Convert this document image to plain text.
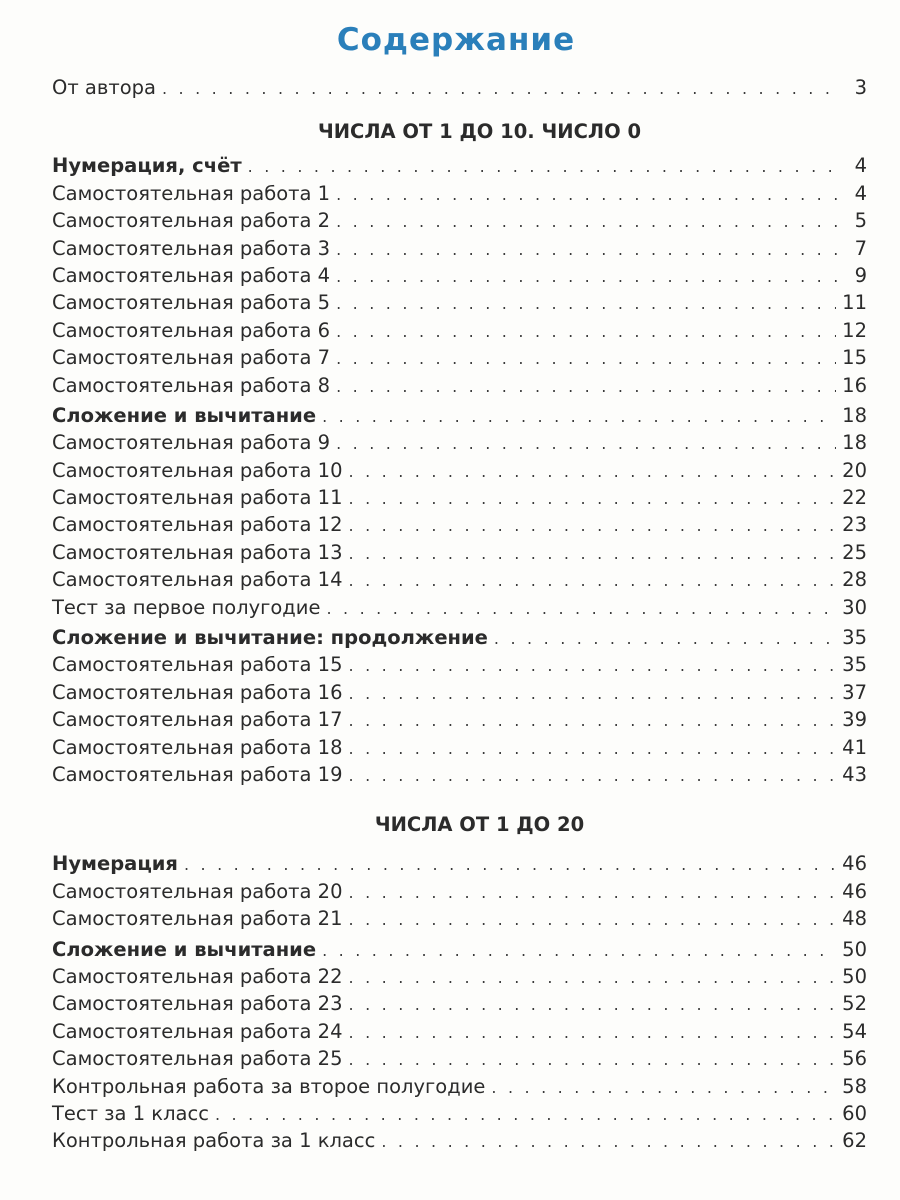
Содержание
От автора . . .	3
ЧИСЛА ОТ 1 ДО 10. ЧИСЛО 0
Нумерация, счёт . . .	4
Самостоятельная работа 1 . . .	4
Самостоятельная работа 2 . . .	5
Самостоятельная работа 3 . . .	7
Самостоятельная работа 4 . . .	9
Самостоятельная работа 5 . . .	11
Самостоятельная работа 6 . . .	12
Самостоятельная работа 7 . . .	15
Самостоятельная работа 8 . . .	16
Сложение и вычитание . . .	18
Самостоятельная работа 9 . . .	18
Самостоятельная работа 10 . . .	20
Самостоятельная работа 11 . . .	22
Самостоятельная работа 12 . . .	23
Самостоятельная работа 13 . . .	25
Самостоятельная работа 14 . . .	28
Тест за первое полугодие . . .	30
Сложение и вычитание: продолжение . . .	35
Самостоятельная работа 15 . . .	35
Самостоятельная работа 16 . . .	37
Самостоятельная работа 17 . . .	39
Самостоятельная работа 18 . . .	41
Самостоятельная работа 19 . . .	43
ЧИСЛА ОТ 1 ДО 20
Нумерация . . .	46
Самостоятельная работа 20 . . .	46
Самостоятельная работа 21 . . .	48
Сложение и вычитание . . .	50
Самостоятельная работа 22 . . .	50
Самостоятельная работа 23 . . .	52
Самостоятельная работа 24 . . .	54
Самостоятельная работа 25 . . .	56
Контрольная работа за второе полугодие . . .	58
Тест за 1 класс . . .	60
Контрольная работа за 1 класс . . .	62
